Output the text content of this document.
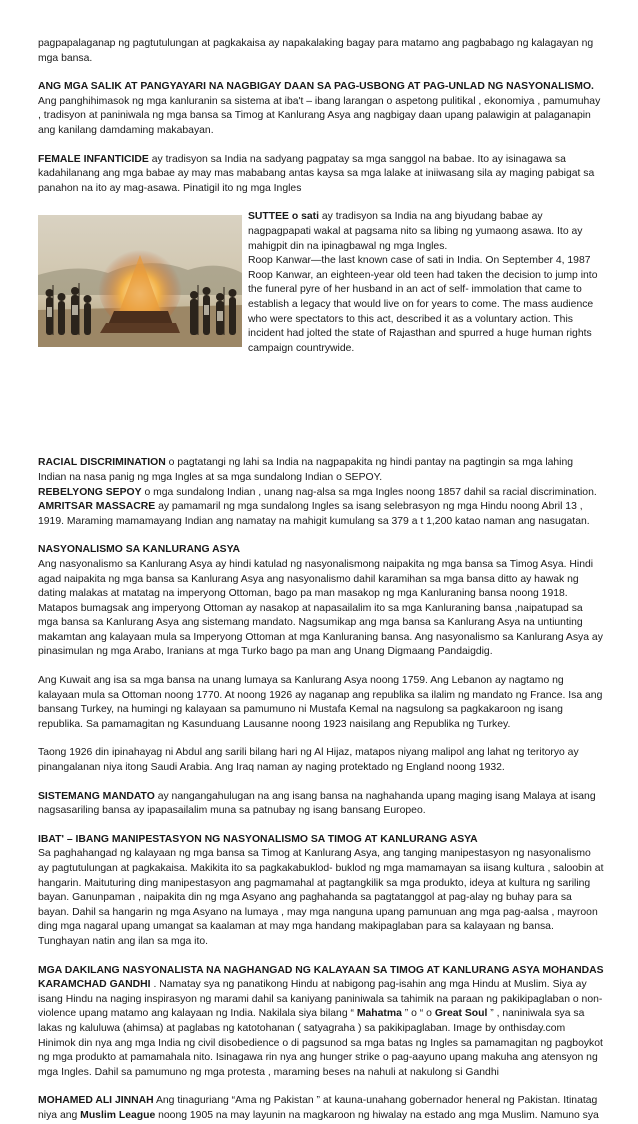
pagpapalaganap ng pagtutulungan at pagkakaisa ay napakalaking bagay para matamo ang pagbabago ng kalagayan ng mga bansa.

ANG MGA SALIK AT PANGYAYARI NA NAGBIGAY DAAN SA PAG-USBONG AT PAG-UNLAD NG NASYONALISMO.

Ang panghihimasok ng mga kanluranin sa sistema at iba't – ibang larangan o aspetong pulitikal , ekonomiya , pamumuhay , tradisyon at paniniwala ng mga bansa sa Timog at Kanlurang Asya ang nagbigay daan upang palawigin at palaganapin ang kanilang damdaming makabayan.

FEMALE INFANTICIDE ay tradisyon sa India na sadyang pagpatay sa mga sanggol na babae. Ito ay isinagawa sa kadahilanang ang mga babae ay may mas mababang antas kaysa sa mga lalake at iniiwasang sila ay maging pabigat sa panahon na ito ay mag-asawa. Pinatigil ito ng mga Ingles

SUTTEE o sati ay tradisyon sa India na ang biyudang babae ay nagpagpapati wakal at pagsama nito sa libing ng yumaong asawa. Ito ay mahigpit din na ipinagbawal ng mga Ingles.

Roop Kanwar—the last known case of sati in India. On September 4, 1987 Roop Kanwar, an eighteen-year old teen had taken the decision to jump into the funeral pyre of her husband in an act of self- immolation that came to establish a legacy that would live on for years to come. The mass audience who were spectators to this act, described it as a voluntary action. This incident had jolted the state of Rajasthan and spurred a huge human rights campaign countrywide.

RACIAL DISCRIMINATION o pagtatangi ng lahi sa India na nagpapakita ng hindi pantay na pagtingin sa mga lahing Indian na nasa panig ng mga Ingles at sa mga sundalong Indian o SEPOY.

REBELYONG SEPOY o mga sundalong Indian , unang nag-alsa sa mga Ingles noong 1857 dahil sa racial discrimination.

AMRITSAR MASSACRE ay pamamaril ng mga sundalong Ingles sa isang selebrasyon ng mga Hindu noong Abril 13 , 1919. Maraming mamamayang Indian ang namatay na mahigit kumulang sa 379 a t 1,200 katao naman ang nasugatan.

NASYONALISMO SA KANLURANG ASYA

Ang nasyonalismo sa Kanlurang Asya ay hindi katulad ng nasyonalismong naipakita ng mga bansa sa Timog Asya. Hindi agad naipakita ng mga bansa sa Kanlurang Asya ang nasyonalismo dahil karamihan sa mga bansa ditto ay hawak ng dating malakas at matatag na imperyong Ottoman, bago pa man masakop ng mga Kanluraning bansa noong 1918. Matapos bumagsak ang imperyong Ottoman ay nasakop at napasailalim ito sa mga Kanluraning bansa ,naipatupad sa mga bansa sa Kanlurang Asya ang sistemang mandato. Nagsumikap ang mga bansa sa Kanlurang Asya na untiunting makamtan ang kalayaan mula sa Imperyong Ottoman at mga Kanluraning bansa. Ang nasyonalismo sa Kanlurang Asya ay pinasimulan ng mga Arabo, Iranians at mga Turko bago pa man ang Unang Digmaang Pandaigdig.

Ang Kuwait ang isa sa mga bansa na unang lumaya sa Kanlurang Asya noong 1759. Ang Lebanon ay nagtamo ng kalayaan mula sa Ottoman noong 1770. At noong 1926 ay naganap ang republika sa ilalim ng mandato ng France. Isa ang bansang Turkey, na humingi ng kalayaan sa pamumuno ni Mustafa Kemal na nagsulong sa pagkakaroon ng isang republika. Sa pamamagitan ng Kasunduang Lausanne noong 1923 naisilang ang Republika ng Turkey.

Taong 1926 din ipinahayag ni Abdul ang sarili bilang hari ng Al Hijaz, matapos niyang malipol ang lahat ng teritoryo ay pinangalanan niya itong Saudi Arabia. Ang Iraq naman ay naging protektado ng England noong 1932.

SISTEMANG MANDATO ay nangangahulugan na ang isang bansa na naghahanda upang maging isang Malaya at isang nagsasariling bansa ay ipapasailalim muna sa patnubay ng isang bansang Europeo.

IBAT' – IBANG MANIPESTASYON NG NASYONALISMO SA TIMOG AT KANLURANG ASYA

Sa paghahangad ng kalayaan ng mga bansa sa Timog at Kanlurang Asya, ang tanging manipestasyon ng nasyonalismo ay pagtutulungan at pagkakaisa. Makikita ito sa pagkakabuklod- buklod ng mga mamamayan sa iisang kultura , saloobin at hangarin. Maituturing ding manipestasyon ang pagmamahal at pagtangkilik sa mga produkto, ideya at kultura ng sariling bayan. Ganunpaman , naipakita din ng mga Asyano ang paghahanda sa pagtatanggol at pag-alay ng buhay para sa bayan. Dahil sa hangarin ng mga Asyano na lumaya , may mga nanguna upang pamunuan ang mga pag-aalsa , mayroon ding mga nagaral upang umangat sa kaalaman at may mga handang makipaglaban para sa kalayaan ng bansa. Tunghayan natin ang ilan sa mga ito.

MGA DAKILANG NASYONALISTA NA NAGHANGAD NG KALAYAAN SA TIMOG AT KANLURANG ASYA MOHANDAS KARAMCHAD GANDHI . Namatay sya ng panatikong Hindu at nabigong pag-isahin ang mga Hindu at Muslim. Siya ay isang Hindu na naging inspirasyon ng marami dahil sa kaniyang paniniwala sa tahimik na paraan ng pakikipaglaban o non-violence upang matamo ang kalayaan ng India. Nakilala siya bilang “ Mahatma ” o “ o Great Soul ” , naniniwala sya sa lakas ng kaluluwa (ahimsa) at paglabas ng katotohanan ( satyagraha ) sa pakikipaglaban. Image by onthisday.com Hinimok din nya ang mga India ng civil disobedience o di pagsunod sa mga batas ng Ingles sa pamamagitan ng pagboykot ng mga produkto at pamamahala nito. Isinagawa rin nya ang hunger strike o pag-aayuno upang makuha ang atensyon ng mga Ingles. Dahil sa pamumuno ng mga protesta , maraming beses na nahuli at nakulong si Gandhi

MOHAMED ALI JINNAH Ang tinaguriang “Ama ng Pakistan ” at kauna-unahang gobernador heneral ng Pakistan. Itinatag niya ang Muslim League noong 1905 na may layunin na magkaroon ng hiwalay na estado ang mga Muslim. Namuno sya
